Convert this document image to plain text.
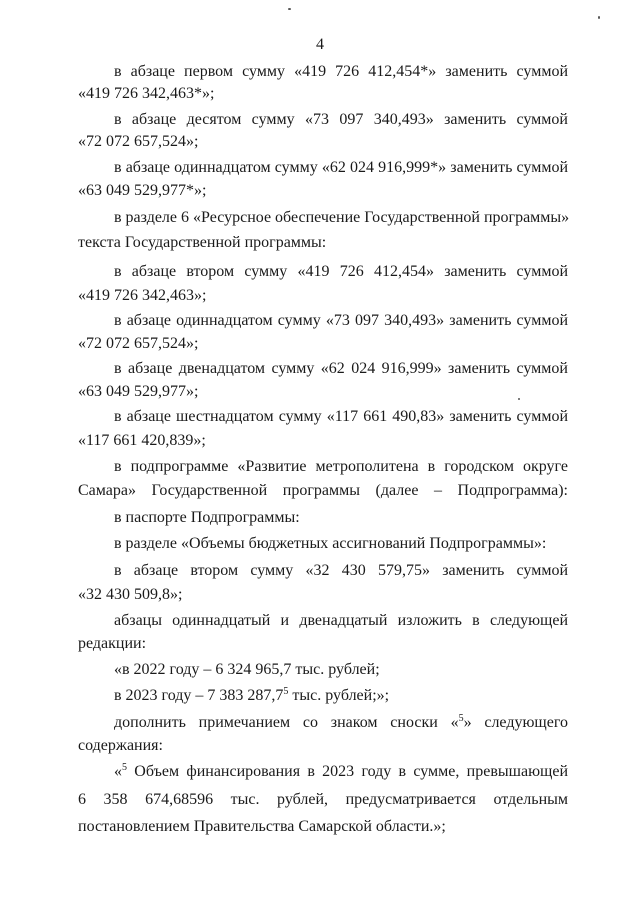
4
в абзаце первом сумму «419 726 412,454*» заменить суммой
«419 726 342,463*»;
в абзаце десятом сумму «73 097 340,493» заменить суммой
«72 072 657,524»;
в абзаце одиннадцатом сумму «62 024 916,999*» заменить суммой
«63 049 529,977*»;
в разделе 6 «Ресурсное обеспечение Государственной программы»
текста Государственной программы:
в абзаце втором сумму «419 726 412,454» заменить суммой
«419 726 342,463»;
в абзаце одиннадцатом сумму «73 097 340,493» заменить суммой
«72 072 657,524»;
в абзаце двенадцатом сумму «62 024 916,999» заменить суммой
«63 049 529,977»;
в абзаце шестнадцатом сумму «117 661 490,83» заменить суммой
«117 661 420,839»;
в подпрограмме «Развитие метрополитена в городском округе
Самара» Государственной программы (далее – Подпрограмма):
в паспорте Подпрограммы:
в разделе «Объемы бюджетных ассигнований Подпрограммы»:
в абзаце втором сумму «32 430 579,75» заменить суммой
«32 430 509,8»;
абзацы одиннадцатый и двенадцатый изложить в следующей
редакции:
«в 2022 году – 6 324 965,7 тыс. рублей;
в 2023 году – 7 383 287,7$^5$ тыс. рублей;»;
дополнить примечанием со знаком сноски «$^5$» следующего
содержания:
«$^5$ Объем финансирования в 2023 году в сумме, превышающей
6 358 674,68596 тыс. рублей, предусматривается отдельным
постановлением Правительства Самарской области.»;
